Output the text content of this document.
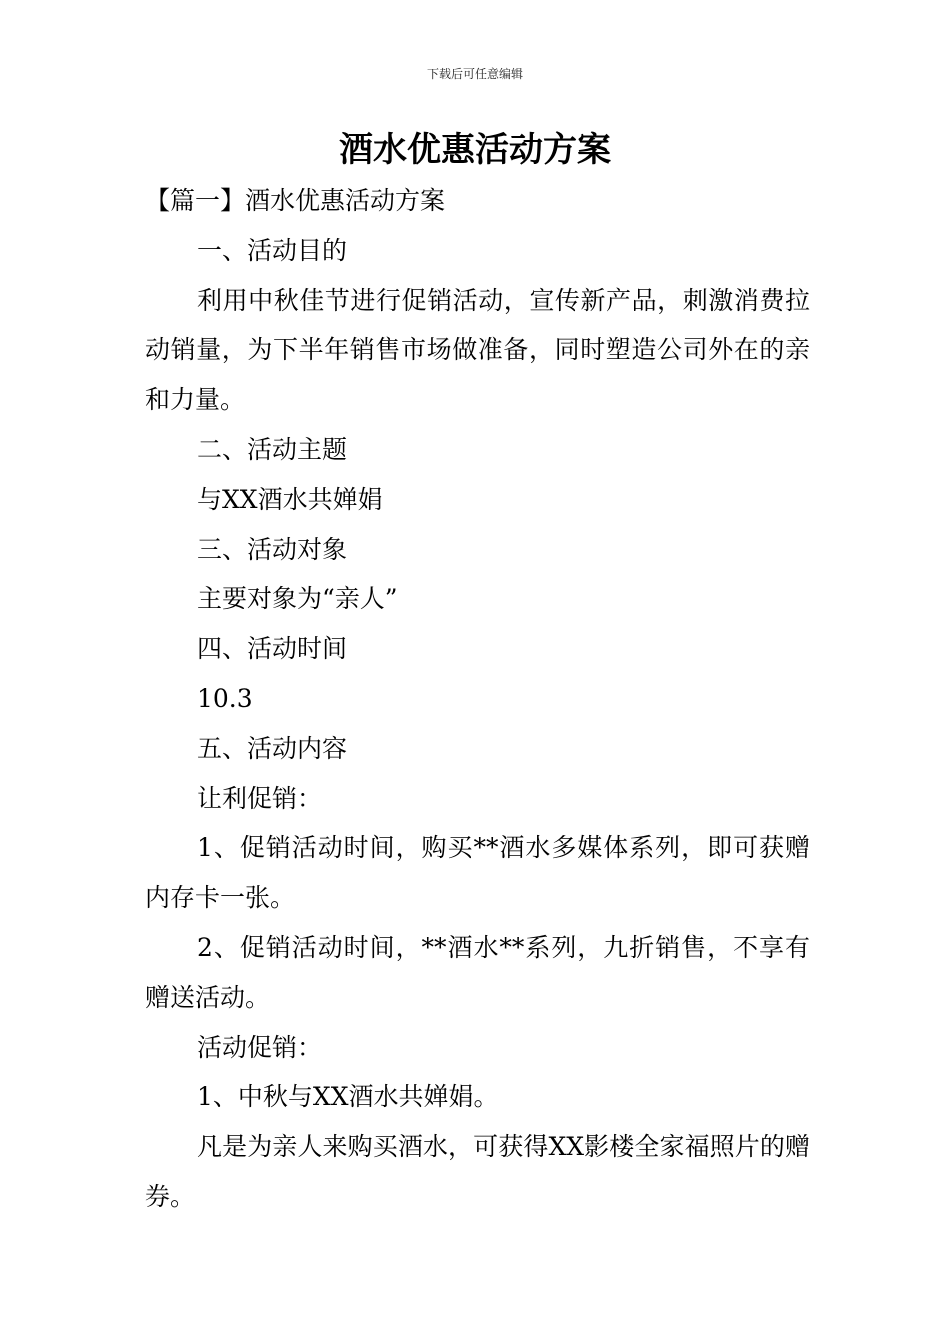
下载后可任意编辑
酒水优惠活动方案

【篇一】酒水优惠活动方案

一、活动目的

利用中秋佳节进行促销活动，宣传新产品，刺激消费拉动销量，为下半年销售市场做准备，同时塑造公司外在的亲和力量。

二、活动主题

与XX酒水共婵娟

三、活动对象

主要对象为“亲人”

四、活动时间

10.3

五、活动内容

让利促销：

1、促销活动时间，购买**酒水多媒体系列，即可获赠内存卡一张。

2、促销活动时间，**酒水**系列，九折销售，不享有赠送活动。

活动促销：

1、中秋与XX酒水共婵娟。

凡是为亲人来购买酒水，可获得XX影楼全家福照片的赠券。
